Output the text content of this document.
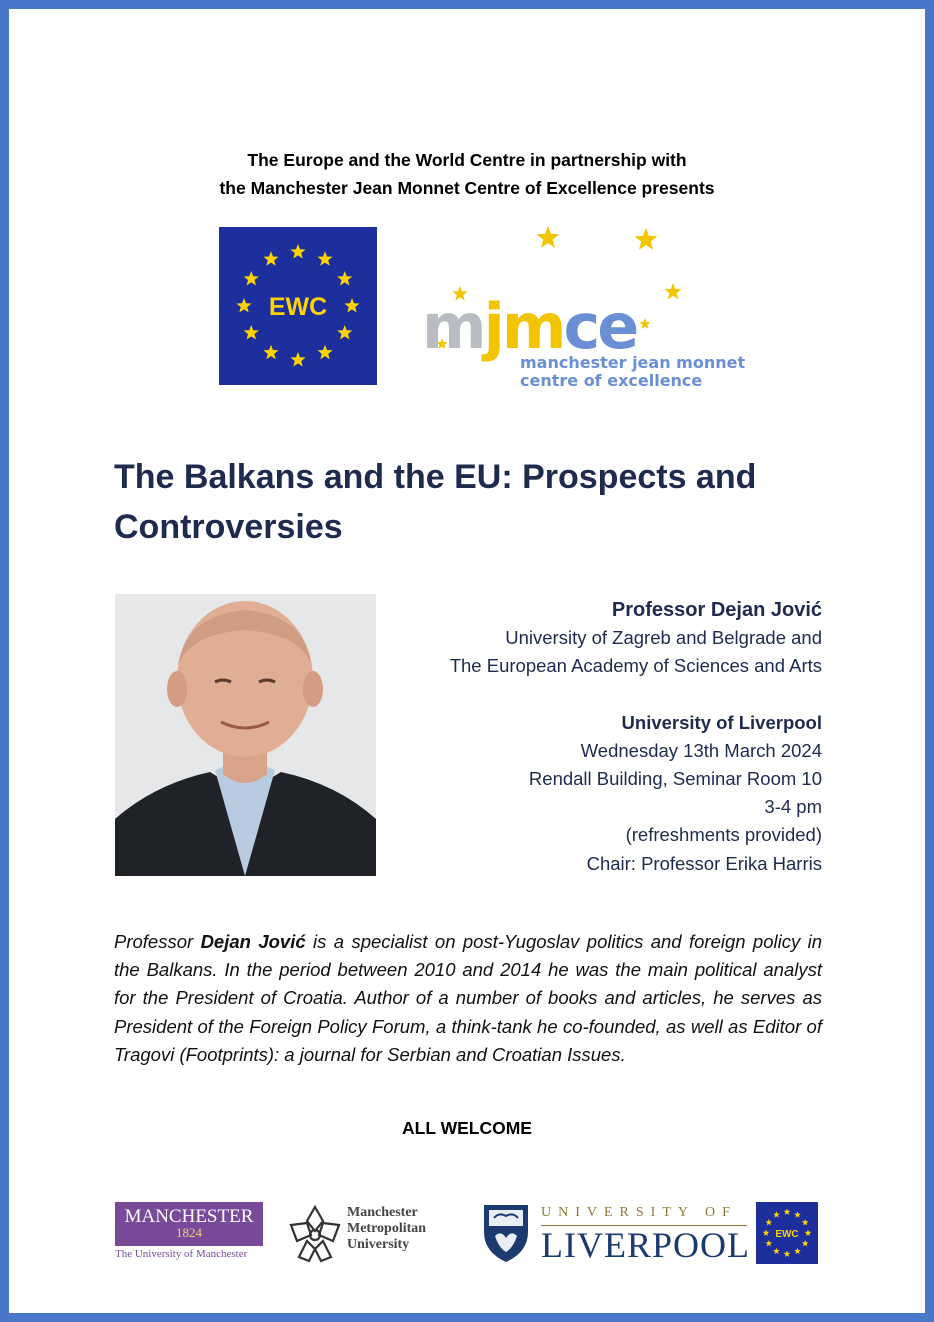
The Europe and the World Centre in partnership with
the Manchester Jean Monnet Centre of Excellence presents
EWC mjmce
manchester jean monnet
centre of excellence
The Balkans and the EU: Prospects and Controversies
Professor Dejan Jović
University of Zagreb and Belgrade and
The European Academy of Sciences and Arts
University of Liverpool
Wednesday 13th March 2024
Rendall Building, Seminar Room 10
3-4 pm
(refreshments provided)
Chair: Professor Erika Harris
Professor Dejan Jović is a specialist on post-Yugoslav politics and foreign policy in the Balkans. In the period between 2010 and 2014 he was the main political analyst for the President of Croatia. Author of a number of books and articles, he serves as President of the Foreign Policy Forum, a think-tank he co-founded, as well as Editor of Tragovi (Footprints): a journal for Serbian and Croatian Issues.
ALL WELCOME
MANCHESTER
1824
The University of Manchester
Manchester
Metropolitan
University
UNIVERSITY OF
LIVERPOOL	EWC
